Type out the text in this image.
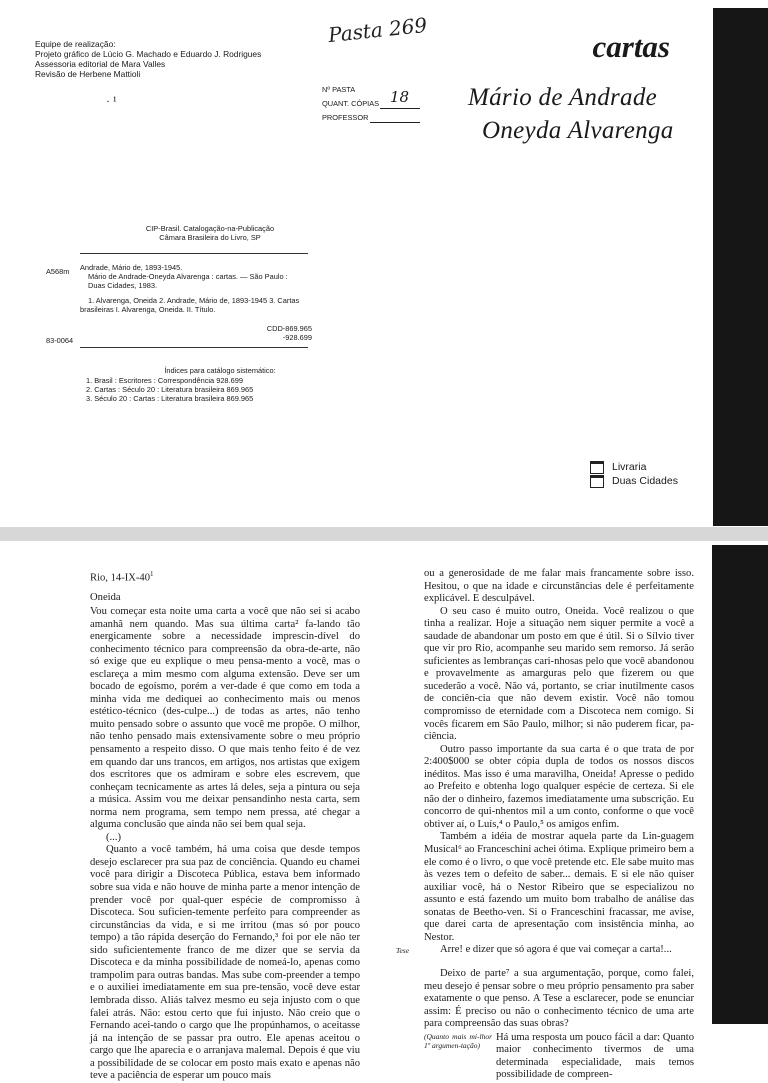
Equipe de realização:
Projeto gráfico de Lúcio G. Machado e Eduardo J. Rodrigues
Assessoria editorial de Mara Valles
Revisão de Herbene Mattioli
Pasta 269
· ¹
Nº PASTA
QUANT. CÓPIAS 18
PROFESSOR
cartas
Mário de Andrade
Oneyda Alvarenga
CIP-Brasil. Catalogação-na-Publicação
Câmara Brasileira do Livro, SP
A568m Andrade, Mário de, 1893-1945.
Mário de Andrade-Oneyda Alvarenga : cartas. — São Paulo :
Duas Cidades, 1983.
1. Alvarenga, Oneida 2. Andrade, Mário de, 1893-1945 3. Cartas
brasileiras I. Alvarenga, Oneida. II. Título.
CDD-869.965
-928.699
83-0064
Índices para catálogo sistemático:
1. Brasil : Escritores : Correspondência 928.699
2. Cartas : Século 20 : Literatura brasileira 869.965
3. Século 20 : Cartas : Literatura brasileira 869.965
Livraria
Duas Cidades
Rio, $14-IX-40^1$
Oneida

Vou começar esta noite uma carta a você que não sei si acabo amanhã nem quando. Mas sua última carta² fa-lando tão energicamente sobre a necessidade imprescin-dível do conhecimento técnico para compreensão da obra-de-arte, não só exige que eu explique o meu pensa-mento a você, mas o esclareça a mim mesmo com alguma extensão. Deve ser um bocado de egoísmo, porém a ver-dade é que como em toda a minha vida me dediquei ao conhecimento mais ou menos estético-técnico (des-culpe...) de todas as artes, não tenho muito pensado sobre o assunto que você me propõe. O milhor, não tenho pensado mais extensivamente sobre o meu próprio pensamento a respeito disso. O que mais tenho feito é de vez em quando dar uns trancos, em artigos, nos artistas que exigem dos escritores que os admiram e sobre eles escrevem, que conheçam tecnicamente as artes lá deles, seja a pintura ou seja a música. Assim vou me deixar pensandinho nesta carta, sem norma nem programa, sem tempo nem pressa, até chegar a alguma conclusão que ainda não sei bem qual seja.

(...)

Quanto a você também, há uma coisa que desde tempos desejo esclarecer pra sua paz de conciência. Quando eu chamei você para dirigir a Discoteca Pública, estava bem informado sobre sua vida e não houve de minha parte a menor intenção de prender você por qual-quer espécie de compromisso à Discoteca. Sou suficien-temente perfeito para compreender as circunstâncias da vida, e si me irritou (mas só por pouco tempo) a tão rápida deserção do Fernando,³ foi por ele não ter sido suficientemente franco de me dizer que se servia da Discoteca e da minha possibilidade de nomeá-lo, apenas como trampolim para outras bandas. Mas sube com-preender a tempo e o auxiliei imediatamente em sua pre-tensão, você deve estar lembrada disso. Aliás talvez mesmo eu seja injusto com o que falei atrás. Não: estou certo que fui injusto. Não creio que o Fernando acei-tando o cargo que lhe propúnhamos, o aceitasse já na intenção de se passar pra outro. Ele apenas aceitou o cargo que lhe aparecia e o arranjava malemal. Depois é que viu a possibilidade de se colocar em posto mais exato e apenas não teve a paciência de esperar um pouco mais

ou a generosidade de me falar mais francamente sobre isso. Hesitou, o que na idade e circunstâncias dele é perfeitamente explicável. E desculpável.

O seu caso é muito outro, Oneida. Você realizou o que tinha a realizar. Hoje a situação nem siquer permite a você a saudade de abandonar um posto em que é útil. Si o Sílvio tiver que vir pro Rio, acompanhe seu marido sem remorso. Já serão suficientes as lembranças cari-nhosas pelo que você abandonou e provavelmente as amarguras pelo que fizerem ou que sucederão a você. Não vá, portanto, se criar inutilmente casos de conciên-cia que não devem existir. Você não tomou compromisso de eternidade com a Discoteca nem comigo. Si vocês ficarem em São Paulo, milhor; si não puderem ficar, pa-ciência.

Outro passo importante da sua carta é o que trata de por 2:400$000 se obter cópia dupla de todos os nossos discos inéditos. Mas isso é uma maravilha, Oneida! Apresse o pedido ao Prefeito e obtenha logo qualquer espécie de certeza. Si ele não der o dinheiro, fazemos imediatamente uma subscrição. Eu concorro de qui-nhentos mil a um conto, conforme o que você obtiver aí, o Luís,⁴ o Paulo,⁵ os amigos enfim.

Também a idéia de mostrar aquela parte da Lin-guagem Musical⁶ ao Franceschini achei ótima. Explique primeiro bem a ele como é o livro, o que você pretende etc. Ele sabe muito mas às vezes tem o defeito de saber... demais. E si ele não quiser auxiliar você, há o Nestor Ribeiro que se especializou no assunto e está fazendo um muito bom trabalho de análise das sonatas de Beetho-ven. Si o Franceschini fracassar, me avise, que darei carta de apresentação com insistência minha, ao Nestor.

Arre! e dizer que só agora é que vai começar a carta!...

Deixo de parte⁷ a sua argumentação, porque, como falei, meu desejo é pensar sobre o meu próprio pensamento pra saber exatamente o que penso. A Tese a esclarecer, pode se enunciar assim: É preciso ou não o conhecimento técnico de uma arte para compreensão das suas obras?

(Quanto mais mi-lhor 1º argumen-tação)

Há uma resposta um pouco fácil a dar: Quanto maior conhecimento tivermos de uma determinada especialidade, mais temos possibilidade de compreen-

Tese
